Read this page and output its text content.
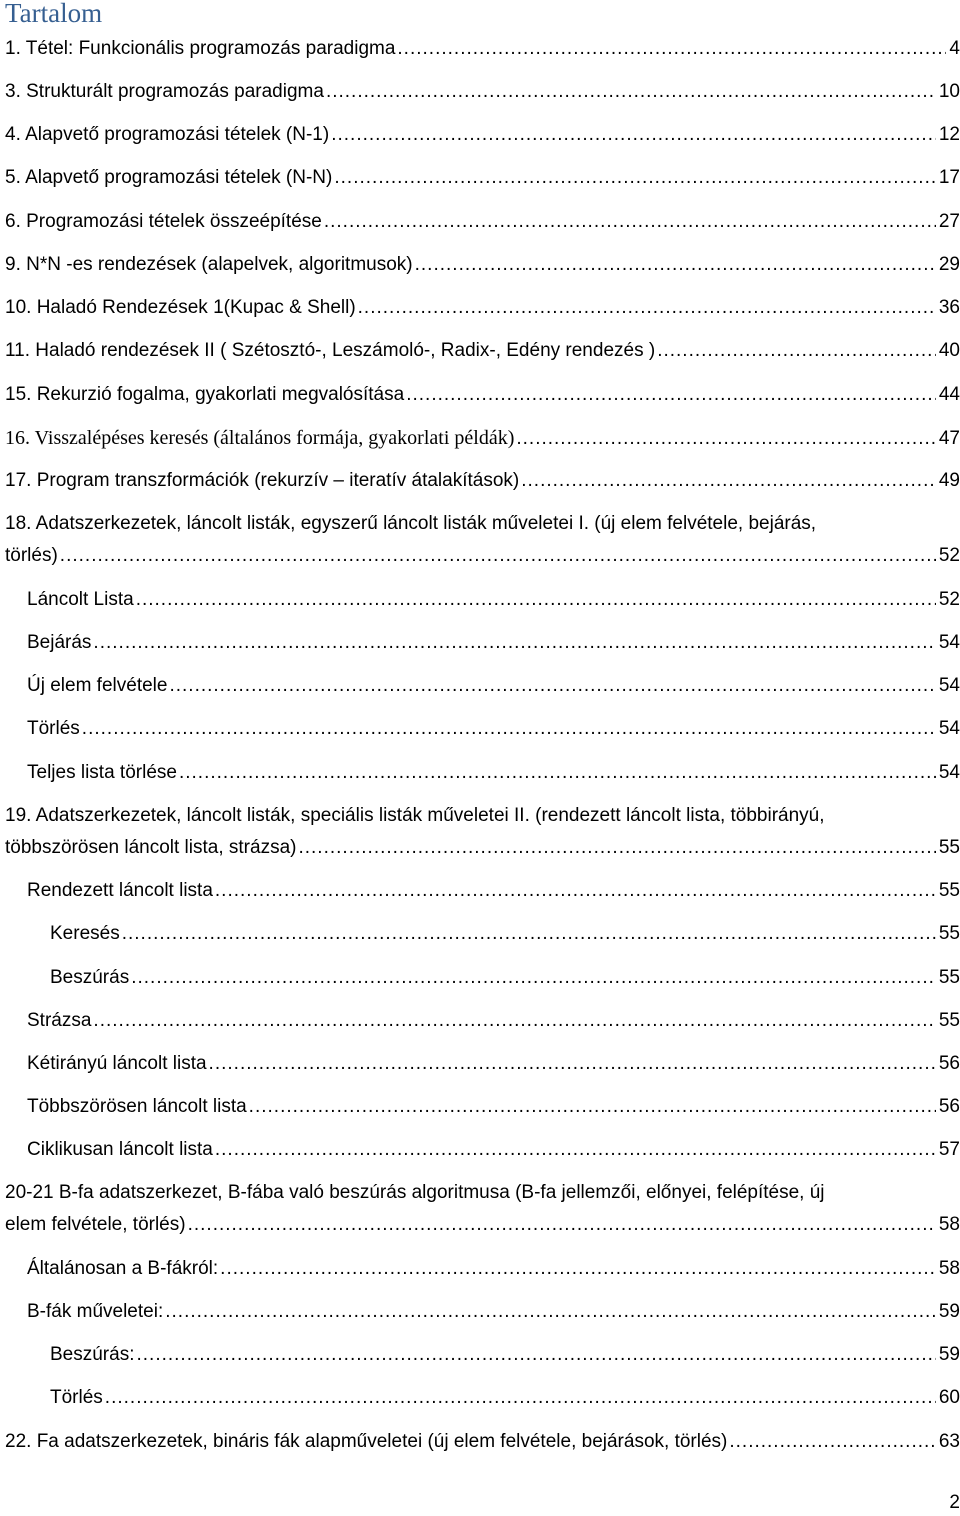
Tartalom
1. Tétel: Funkcionális programozás paradigma .....	4
3. Strukturált programozás paradigma .....	10
4. Alapvető programozási tételek (N-1) .....	12
5. Alapvető programozási tételek (N-N) .....	17
6. Programozási tételek összeépítése .....	27
9. N*N -es rendezések (alapelvek, algoritmusok) .....	29
10. Haladó Rendezések 1(Kupac & Shell) .....	36
11. Haladó rendezések II ( Szétosztó-, Leszámoló-, Radix-, Edény rendezés ) .....	40
15. Rekurzió fogalma, gyakorlati megvalósítása .....	44
16. Visszalépéses keresés (általános formája, gyakorlati példák) .....	47
17. Program transzformációk (rekurzív – iteratív átalakítások) .....	49
18. Adatszerkezetek, láncolt listák, egyszerű láncolt listák műveletei I. (új elem felvétele, bejárás,
törlés) .....	52
Láncolt Lista .....	52
Bejárás .....	54
Új elem felvétele .....	54
Törlés .....	54
Teljes lista törlése .....	54
19. Adatszerkezetek, láncolt listák, speciális listák műveletei II. (rendezett láncolt lista, többirányú,
többszörösen láncolt lista, strázsa) .....	55
Rendezett láncolt lista .....	55
Keresés .....	55
Beszúrás .....	55
Strázsa .....	55
Kétirányú láncolt lista .....	56
Többszörösen láncolt lista .....	56
Ciklikusan láncolt lista .....	57
20-21 B-fa adatszerkezet, B-fába való beszúrás algoritmusa (B-fa jellemzői, előnyei, felépítése, új
elem felvétele, törlés) .....	58
Általánosan a B-fákról: .....	58
B-fák műveletei: .....	59
Beszúrás: .....	59
Törlés .....	60
22. Fa adatszerkezetek, bináris fák alapműveletei (új elem felvétele, bejárások, törlés) .....	63
2
